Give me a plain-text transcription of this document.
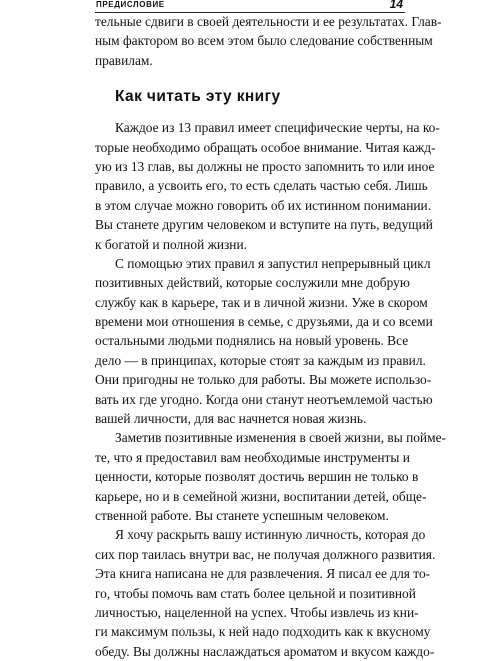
ПРЕДИСЛОВИЕ	14
тельные сдвиги в своей деятельности и ее результатах. Глав-
ным фактором во всем этом было следование собственным
правилам.
Как читать эту книгу
Каждое из 13 правил имеет специфические черты, на ко-
торые необходимо обращать особое внимание. Читая кажд-
ую из 13 глав, вы должны не просто запомнить то или иное
правило, а усвоить его, то есть сделать частью себя. Лишь
в этом случае можно говорить об их истинном понимании.
Вы станете другим человеком и вступите на путь, ведущий
к богатой и полной жизни.
С помощью этих правил я запустил непрерывный цикл
позитивных действий, которые сослужили мне добрую
службу как в карьере, так и в личной жизни. Уже в скором
времени мои отношения в семье, с друзьями, да и со всеми
остальными людьми поднялись на новый уровень. Все
дело — в принципах, которые стоят за каждым из правил.
Они пригодны не только для работы. Вы можете использо-
вать их где угодно. Когда они станут неотъемлемой частью
вашей личности, для вас начнется новая жизнь.
Заметив позитивные изменения в своей жизни, вы пойме-
те, что я предоставил вам необходимые инструменты и
ценности, которые позволят достичь вершин не только в
карьере, но и в семейной жизни, воспитании детей, обще-
ственной работе. Вы станете успешным человеком.
Я хочу раскрыть вашу истинную личность, которая до
сих пор таилась внутри вас, не получая должного развития.
Эта книга написана не для развлечения. Я писал ее для то-
го, чтобы помочь вам стать более цельной и позитивной
личностью, нацеленной на успех. Чтобы извлечь из кни-
ги максимум пользы, к ней надо подходить как к вкусному
обеду. Вы должны наслаждаться ароматом и вкусом каждо-
